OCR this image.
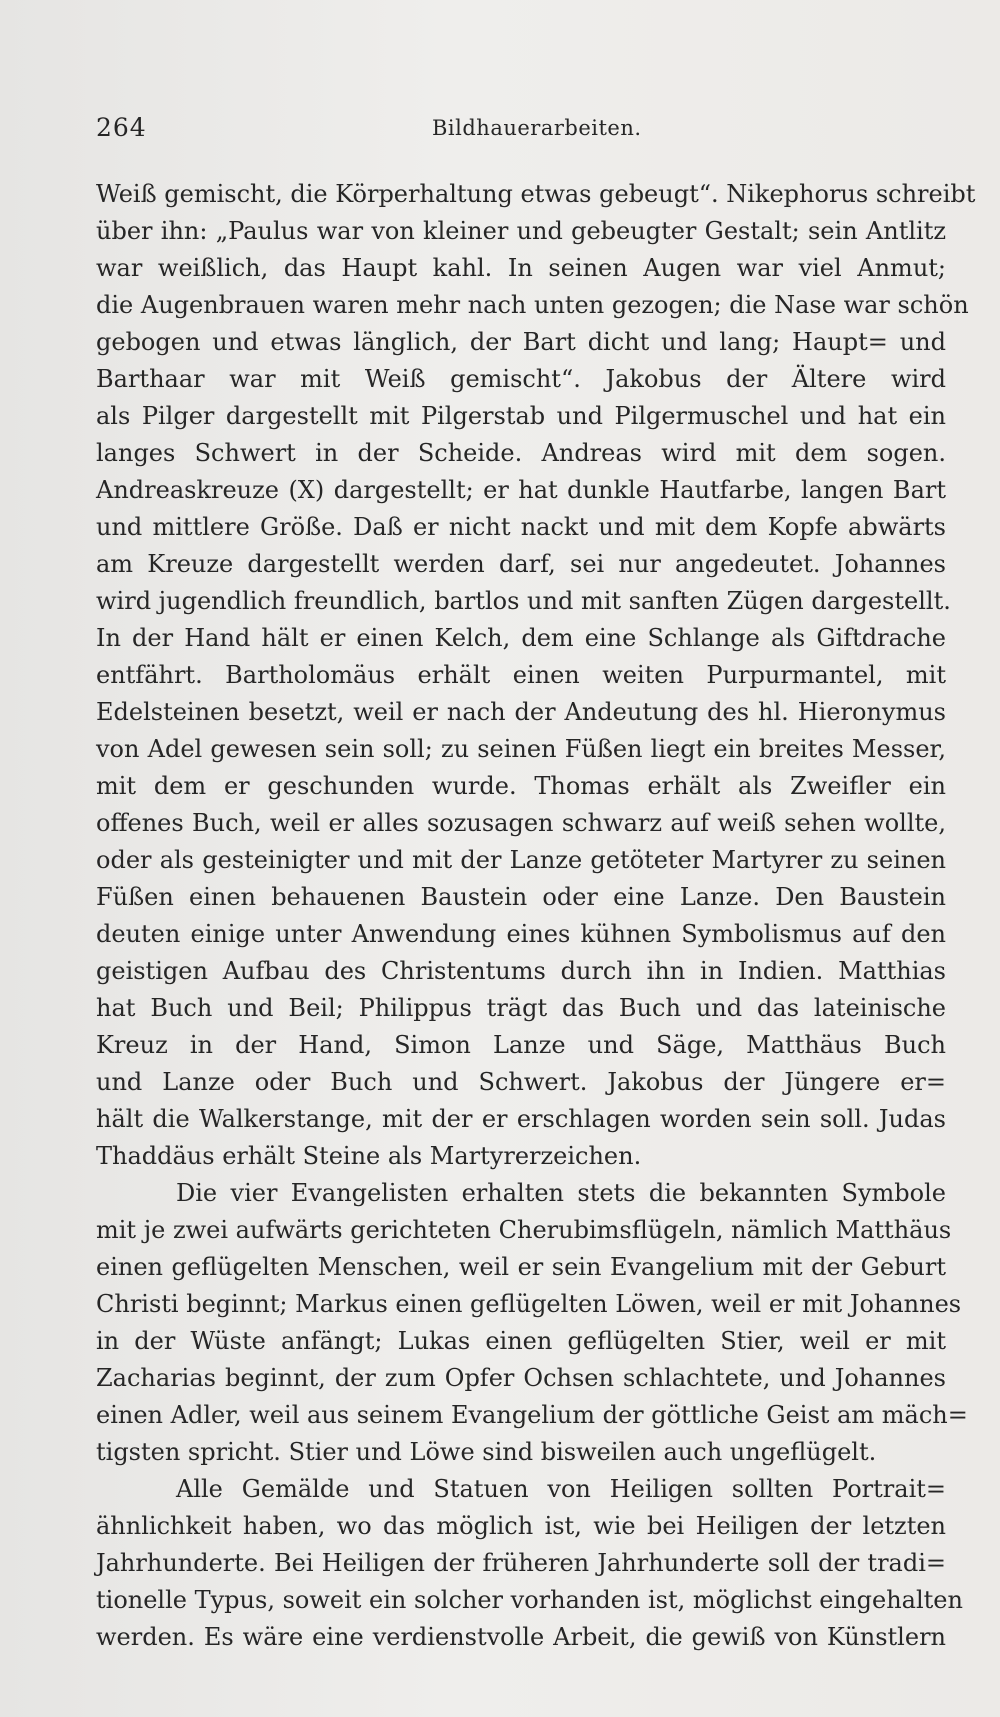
264	Bildhauerarbeiten.
Weiß gemischt, die Körperhaltung etwas gebeugt“. Nikephorus schreibt
über ihn: „Paulus war von kleiner und gebeugter Gestalt; sein Antlitz
war weißlich, das Haupt kahl. In seinen Augen war viel Anmut;
die Augenbrauen waren mehr nach unten gezogen; die Nase war schön
gebogen und etwas länglich, der Bart dicht und lang; Haupt= und
Barthaar war mit Weiß gemischt“. Jakobus der Ältere wird
als Pilger dargestellt mit Pilgerstab und Pilgermuschel und hat ein
langes Schwert in der Scheide. Andreas wird mit dem sogen.
Andreaskreuze (X) dargestellt; er hat dunkle Hautfarbe, langen Bart
und mittlere Größe. Daß er nicht nackt und mit dem Kopfe abwärts
am Kreuze dargestellt werden darf, sei nur angedeutet. Johannes
wird jugendlich freundlich, bartlos und mit sanften Zügen dargestellt.
In der Hand hält er einen Kelch, dem eine Schlange als Giftdrache
entfährt. Bartholomäus erhält einen weiten Purpurmantel, mit
Edelsteinen besetzt, weil er nach der Andeutung des hl. Hieronymus
von Adel gewesen sein soll; zu seinen Füßen liegt ein breites Messer,
mit dem er geschunden wurde. Thomas erhält als Zweifler ein
offenes Buch, weil er alles sozusagen schwarz auf weiß sehen wollte,
oder als gesteinigter und mit der Lanze getöteter Martyrer zu seinen
Füßen einen behauenen Baustein oder eine Lanze. Den Baustein
deuten einige unter Anwendung eines kühnen Symbolismus auf den
geistigen Aufbau des Christentums durch ihn in Indien. Matthias
hat Buch und Beil; Philippus trägt das Buch und das lateinische
Kreuz in der Hand, Simon Lanze und Säge, Matthäus Buch
und Lanze oder Buch und Schwert. Jakobus der Jüngere er=
hält die Walkerstange, mit der er erschlagen worden sein soll. Judas
Thaddäus erhält Steine als Martyrerzeichen.
Die vier Evangelisten erhalten stets die bekannten Symbole
mit je zwei aufwärts gerichteten Cherubimsflügeln, nämlich Matthäus
einen geflügelten Menschen, weil er sein Evangelium mit der Geburt
Christi beginnt; Markus einen geflügelten Löwen, weil er mit Johannes
in der Wüste anfängt; Lukas einen geflügelten Stier, weil er mit
Zacharias beginnt, der zum Opfer Ochsen schlachtete, und Johannes
einen Adler, weil aus seinem Evangelium der göttliche Geist am mäch=
tigsten spricht. Stier und Löwe sind bisweilen auch ungeflügelt.
Alle Gemälde und Statuen von Heiligen sollten Portrait=
ähnlichkeit haben, wo das möglich ist, wie bei Heiligen der letzten
Jahrhunderte. Bei Heiligen der früheren Jahrhunderte soll der tradi=
tionelle Typus, soweit ein solcher vorhanden ist, möglichst eingehalten
werden. Es wäre eine verdienstvolle Arbeit, die gewiß von Künstlern
